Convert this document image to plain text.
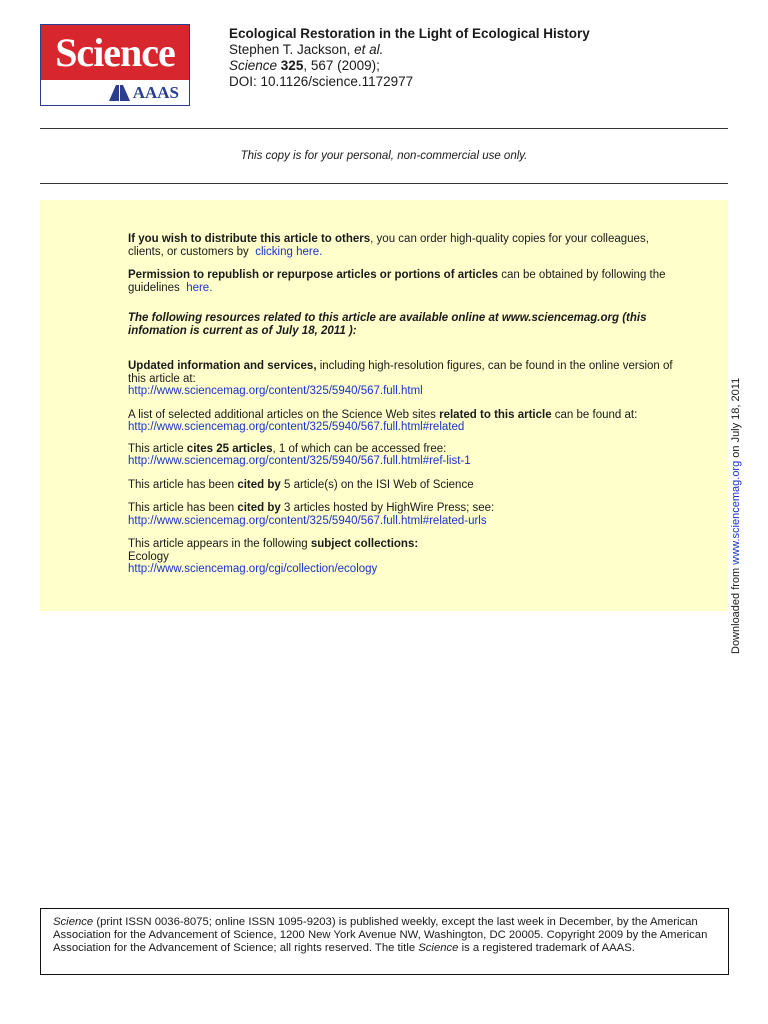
Science
AAAS
Ecological Restoration in the Light of Ecological History
Stephen T. Jackson, et al.
Science 325, 567 (2009);
DOI: 10.1126/science.1172977
This copy is for your personal, non-commercial use only.
If you wish to distribute this article to others, you can order high-quality copies for your colleagues, clients, or customers by clicking here.
Permission to republish or repurpose articles or portions of articles can be obtained by following the guidelines here.
The following resources related to this article are available online at www.sciencemag.org (this infomation is current as of July 18, 2011 ):
Updated information and services, including high-resolution figures, can be found in the online version of this article at:
http://www.sciencemag.org/content/325/5940/567.full.html
A list of selected additional articles on the Science Web sites related to this article can be found at:
http://www.sciencemag.org/content/325/5940/567.full.html#related
This article cites 25 articles, 1 of which can be accessed free:
http://www.sciencemag.org/content/325/5940/567.full.html#ref-list-1
This article has been cited by 5 article(s) on the ISI Web of Science
This article has been cited by 3 articles hosted by HighWire Press; see:
http://www.sciencemag.org/content/325/5940/567.full.html#related-urls
This article appears in the following subject collections:
Ecology
http://www.sciencemag.org/cgi/collection/ecology	Downloaded from www.sciencemag.org on July 18, 2011
Science (print ISSN 0036-8075; online ISSN 1095-9203) is published weekly, except the last week in December, by the American Association for the Advancement of Science, 1200 New York Avenue NW, Washington, DC 20005. Copyright 2009 by the American Association for the Advancement of Science; all rights reserved. The title Science is a registered trademark of AAAS.
